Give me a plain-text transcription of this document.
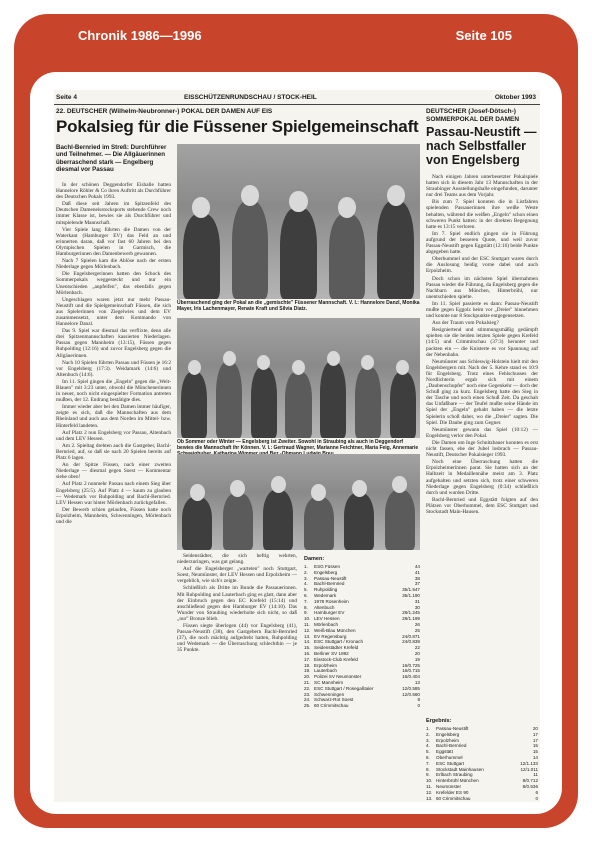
Chronik 1986—1996	Seite 105
Seite 4	EISSCHÜTZENRUNDSCHAU / STOCK-HEIL	Oktober 1993
22. DEUTSCHER (Wilhelm-Neubronner-) POKAL DER DAMEN AUF EIS
Pokalsieg für die Füssener Spielgemeinschaft
Bachl-Bernried im Streß: Durchführer und Teilnehmer. — Die Allgäuerinnen überraschend stark — Engelberg diesmal vor Passau

In der schönen Deggendorfer Eishalle hatten Hannelore Röhler & Co ihren Auftritt als Durchführer des Deutschen Pokals 1993.

Daß diese seit Jahren im Spitzenfeld des Deutschen Dameneisstocksports stehende Crew noch immer Klasse ist, bewies sie als Durchführer und mitspielende Mannschaft.

Vier Spiele lang führten die Damen von der Waterkant (Hamburger EV) das Feld an und erinnerten daran, daß vor fast 60 Jahren bei den Olympischen Spielen in Garmisch, die Hamburgerinnen den Damenbewerb gewannen.

Nach 7 Spielen kam die Ablöse nach der ersten Niederlage gegen Mörlenbach.

Die Engelsbergerinnen hatten den Schock des Sommerpokals weggesteckt und nur ein Unentschieden „anpfeifen", das ebenfalls gegen Mörlenbach.

Ungeschlagen waren jetzt nur mehr Passau-Neustift und die Spielgemeinschaft Füssen, die sich aus Spielerinnen von Ziegelwies und dem EV zusammensetzt, unter dem Kommando von Hannelore Danzl.

Das 9. Spiel war diesmal das verflixte, denn alle drei Spitzenmannschaften kassierten Niederlagen. Passau gegen Mannheim (13:15), Füssen gegen Ruhpolding (12:16) und zuvor Engelsberg gegen die Allgäuerinnen.

Nach 10 Spielen führten Passau und Füssen je 16:2 vor Engelsberg (17:3). Weidamark (14:6) und Altenbuch (14:6).

Im 11. Spiel gingen die „Engeln" gegen die „Welt-Blauen" mit 3:23 unter, obwohl die Münchenerinnen in neuer, noch nicht eingespielter Formation antreten mußten, der 12. Endrang bestätigte dies.

Immer wieder aber bei den Damen immer häufiger, zeigte es sich, daß die Mannschaften aus dem Rheinland und auch aus dem Norden im Mittel- bzw. Hinterfeld landeten.

Auf Platz 2 nun Engelsberg vor Passau, Altenbach und dem LEV Hessen.

Am 2. Spieltag drehten auch die Gastgeber, Bachl-Bernried, auf, so daß sie nach 20 Spielen bereits auf Platz 6 lagen.

An der Spitze Füssen, nach einer zweiten Niederlage — diesmal gegen Soest — Kommentar siehe oben!

Auf Platz 2 nunmehr Passau nach einem Sieg über Engelsberg (25:5). Auf Platz 4 — kaum zu glauben — Wedemark vor Ruhpolding und Bachl-Bernried. LEV Hessen war hinter Mörlenbach zurückgefallen.

Der Bewerb schien gelaufen, Füssen hatte noch Erpolzheim, Mannheim, Schwenningen, Mörlenbach und die

Überraschend ging der Pokal an die „gemischte" Füssener Mannschaft. V. l.: Hannelore Danzl, Monika Mayer, Iris Lachenmayer, Renate Kraft und Silvia Diatz.
Ob Sommer oder Winter — Engelsberg ist Zweiter. Sowohl in Straubing als auch in Deggendorf bewies die Mannschaft ihr Können. V. l.: Gertraud Wagner, Marianne Feichtner, Maria Feig, Annemarie

Seidenstädter, die sich heftig wehrten, niederzuringen, was gut gelang.

Auf die Engelsberger „warteten" noch Stuttgart, Soest, Neumünster, der LEV Hessen und Erpolzheim — vergeblich, wie sich's zeigte.

Schließlich als Dritte im Bunde die Passauerinnen. Mit Ruhpolding und Lauterbach ging es glatt, dann aber der Einbruch gegen den EC Krefeld (15:14) und anschließend gegen den Hamburger EV (14:10). Das Wunder von Straubing wiederholte sich nicht, so daß „nur" Bronze blieb.

Füssen siegte überlegen (44) vor Engelsberg (41), Passau-Neustift (38), den Gastgebern Bachl-Bernried (37), die noch mächtig aufgedreht hatten, Ruhpolding und Wedemark — die Überraschung schlechthin — je 35 Punkte.

Damen:
1.	ESG Füssen	44
2.	Engelsberg	41
3.	Passau-Neustift	38
4.	Bachl-Bernried	37
5.	Ruhpolding	35/1.547
6.	Wedemark	35/1.190
7.	1978 Rosenheim	31
8.	Altenbuch	30
9.	Hamburger EV	28/1.245
10.	LEV Hessen	28/1.199
11.	Mörlenbach	26
12.	Weiß-Blau München	25
13.	EV Regensburg	24/0.871
14.	ESC Stuttgart / Kronach	24/0.839
15.	Seidenstädter Krefeld	22
16.	Berliner SV 1892	20
17.	Eisstock-Club Krefeld	19
18.	Erpolzheim	16/0.725
19.	Lauterbach	16/0.715
20.	Polizei SV Neumünster	16/0.404
21.	SC Mannheim	13
22.	ESC Stuttgart / Rosegaßtaler	12/0.585
23.	Schwenningen	12/0.560
24.	Schwarz-Rot Soest	8
25.	60 Crimmitschau	0
DEUTSCHER (Josef-Dötsch-) SOMMERPOKAL DER DAMEN
Passau-Neustift — nach Selbstfaller von Engelsberg

Nach einigen Jahren unterbesetzter Pokalspiele hatten sich in diesem Jahr 13 Mannschaften in der Straubinger Ausstellungshalle eingefunden, darunter nur drei Teams aus dem Vorjahr.

Bis zum 7. Spiel konnten die in Listfahren spielenden Passauerinnen ihre weiße Weste behalten, während die weißen „Engeln" schon einen schweren Punkt hatten: in der direkten Begegnung hatte es 13:15 verloren.

Im 7. Spiel endlich gingen sie in Führung aufgrund der besseren Quote, und weil zuvor Passau-Neustift gegen Eggstätt (12:16) beide Punkte abgegeben hatte.

Oberhummel und der ESC Stuttgart waren durch die Auslosung beidig vorne dabei und auch Erpolzheim.

Doch schon im nächsten Spiel übernahmen Passau wieder die Führung, da Engelsberg gegen die Nachbarn aus München, Hinterbrühl, nur unentschieden spielte.

Im 11. Spiel passierte es dann: Passau-Neustift mußte gegen Eggolz heim vor „Dreier" hinnehmen und konnte nur 8 Stockpunkte entgegensetzen.

Aus der Traum vom Pokalsieg?

Resigniertend und stimmungsmäßig gedämpft spielten sie die beiden letzten Spiele gegen Krefeld (14:5) und Crimmitschau (37:3) herunter und packten ein — die Knisterte es vor Spannung auf der Nebenbahn.

Neumünster aus Schleswig-Holstein hielt mit den Engelsbergern mit. Nach der 5. Kehre stand es 10:9 für Engelsberg. Trotz eines Fehlschusses der Nordlichterin ergab sich mit einem „Daubenschupfer" noch eine Gegenkehr — doch der Schuß ging zu kurz. Engelsberg hatte den Sieg in der Tasche und noch einen Schuß Zeit. Da geschah das Unfaßbare — der Teufel mußte seine Hände im Spiel der „Engeln" gehabt haben — die letzte Spielerin schoß daher, wo die „Dreier" sagten. Die Spiel. Die Daube ging zum Gegner.

Neumünster gewann das Spiel (10:12) — Engelsberg verlor den Pokal.

Die Damen um Inge Schnitzbauer konnten es erst nicht fassen, ehe der Jubel losbrach — Passau-Neustift, Deutscher Pokalsieger 1993.

Noch eine Überraschung hatten die Erpolzheimerinnen parat. Sie hatten sich an der Halbzeit in Medaillennähe meist am 3. Platz aufgehalten und setzten sich, trotz einer schweren Niederlage gegen Engelsberg (0:34) schließlich durch und wurden Dritte.

Bachl-Bernried und Eggstätt folgten auf den Plätzen vor Oberhummel, dem ESC Stuttgart und Stockstadt Main-Hausen.

Ergebnis:
1.	Passau-Neustift	20
2.	Engelsberg	17
3.	Erpolzheim	17
4.	Bachl-Bernried	15
5.	Eggstätt	15
6.	Oberhummel	14
7.	ESC Stuttgart	12/1.133
8.	Stockstadt Mainhausen	12/1.011
9.	Erlbach Straubing	11
10.	Hinterbrühl München	8/0.712
11.	Neumünster	8/0.536
12.	Krefelder ES 90	6
13.	60 Crimmitschau	0
